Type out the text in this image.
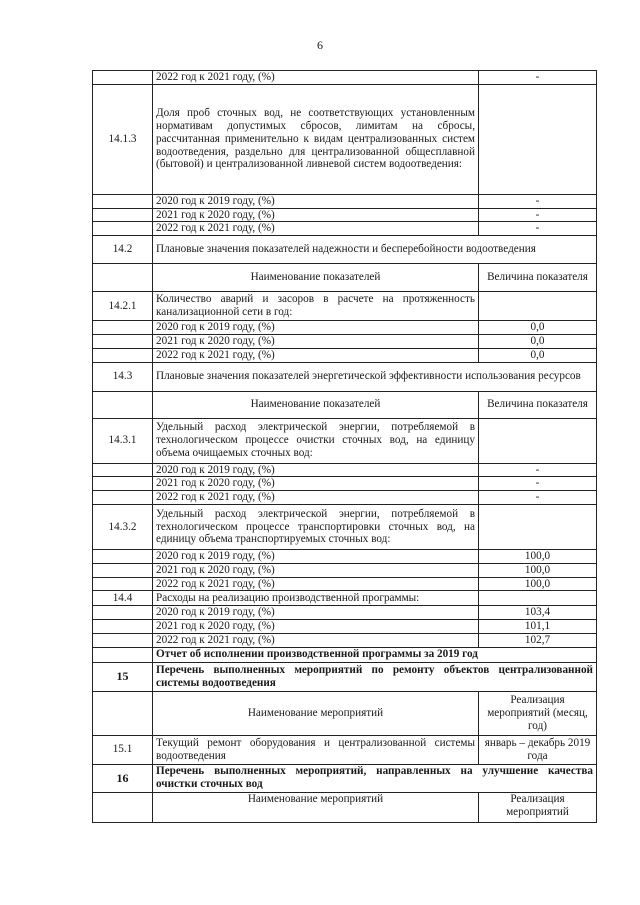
6
	2022 год к 2021 году, (%)	-
14.1.3	Доля проб сточных вод, не соответствующих установленным нормативам допустимых сбросов, лимитам на сбросы, рассчитанная применительно к видам централизованных систем водоотведения, раздельно для централизованной общесплавной (бытовой) и централизованной ливневой систем водоотведения:	
	2020 год к 2019 году, (%)	-
	2021 год к 2020 году, (%)	-
	2022 год к 2021 году, (%)	-
14.2	Плановые значения показателей надежности и бесперебойности водоотведения	
	Наименование показателей	Величина показателя
14.2.1	Количество аварий и засоров в расчете на протяженность канализационной сети в год:	
	2020 год к 2019 году, (%)	0,0
	2021 год к 2020 году, (%)	0,0
	2022 год к 2021 году, (%)	0,0
14.3	Плановые значения показателей энергетической эффективности использования ресурсов	
	Наименование показателей	Величина показателя
14.3.1	Удельный расход электрической энергии, потребляемой в технологическом процессе очистки сточных вод, на единицу объема очищаемых сточных вод:	
	2020 год к 2019 году, (%)	-
	2021 год к 2020 году, (%)	-
	2022 год к 2021 году, (%)	-
14.3.2	Удельный расход электрической энергии, потребляемой в технологическом процессе транспортировки сточных вод, на единицу объема транспортируемых сточных вод:	
	2020 год к 2019 году, (%)	100,0
	2021 год к 2020 году, (%)	100,0
	2022 год к 2021 году, (%)	100,0
14.4	Расходы на реализацию производственной программы:	
	2020 год к 2019 году, (%)	103,4
	2021 год к 2020 году, (%)	101,1
	2022 год к 2021 году, (%)	102,7
	Отчет об исполнении производственной программы за 2019 год	
15	Перечень выполненных мероприятий по ремонту объектов централизованной системы водоотведения	
	Наименование мероприятий	Реализация мероприятий (месяц, год)
15.1	Текущий ремонт оборудования и централизованной системы водоотведения	январь – декабрь 2019 года
16	Перечень выполненных мероприятий, направленных на улучшение качества очистки сточных вод	
	Наименование мероприятий	Реализация мероприятий
